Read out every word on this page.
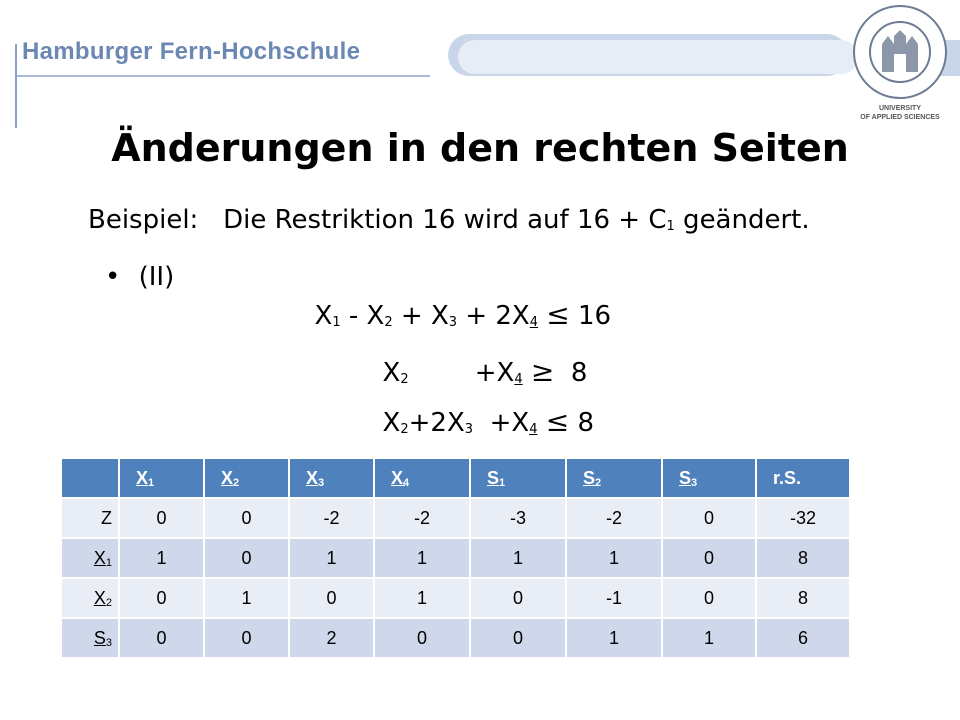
Hamburger Fern-Hochschule
UNIVERSITY
OF APPLIED SCIENCES
Änderungen in den rechten Seiten
Beispiel: Die Restriktion 16 wird auf $16 + C_1$ geändert.
• (II)

$X_1 - X_2 + X_3 + 2X_4 \le 16$

$X_2$        $+X_4 \ge 8$

$X_2+2X_3 +X_4 \le 8$

	X1	X2	X3	X4	S1	S2	S3	r.S.
Z	0	0	-2	-2	-3	-2	0	-32
X1	1	0	1	1	1	1	0	8
X2	0	1	0	1	0	-1	0	8
S3	0	0	2	0	0	1	1	6
